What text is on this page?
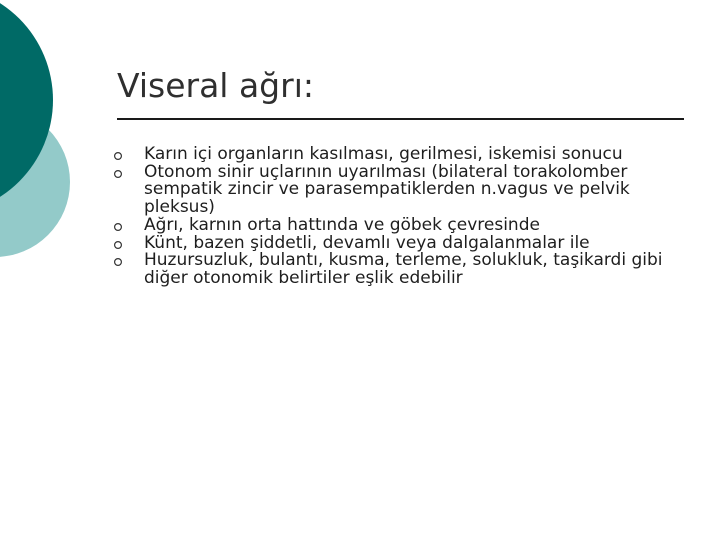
Viseral ağrı:
Karın içi organların kasılması, gerilmesi, iskemisi sonucu
Otonom sinir uçlarının uyarılması (bilateral torakolomber sempatik zincir ve parasempatiklerden n.vagus ve pelvik pleksus)
Ağrı, karnın orta hattında ve göbek çevresinde
Künt, bazen şiddetli, devamlı veya dalgalanmalar ile
Huzursuzluk, bulantı, kusma, terleme, solukluk, taşikardi gibi diğer otonomik belirtiler eşlik edebilir
